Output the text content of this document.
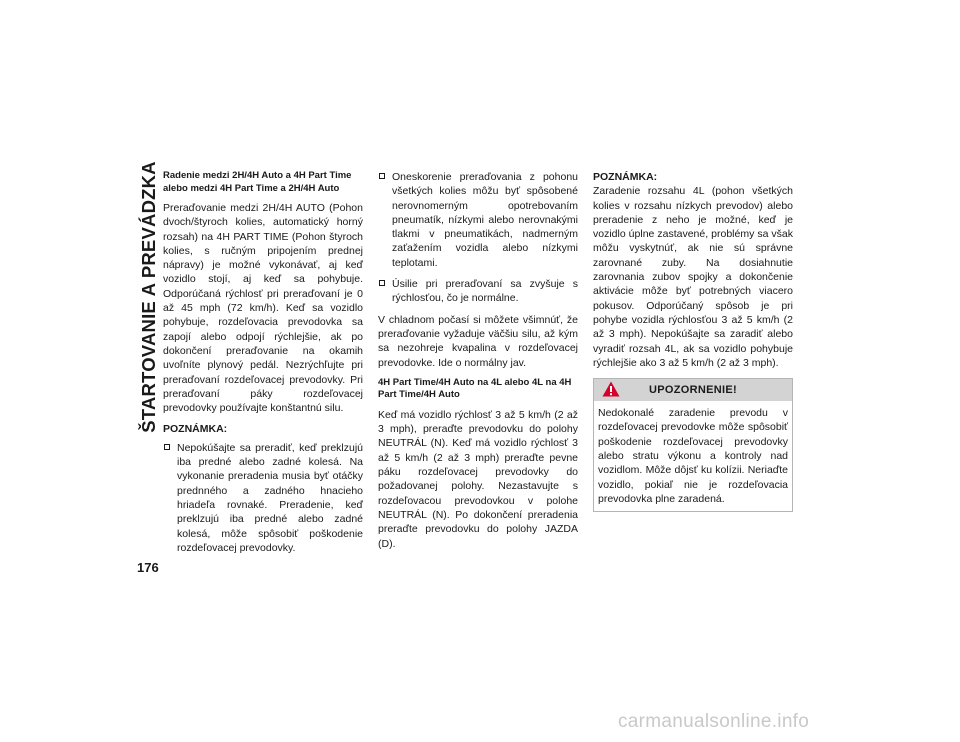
ŠTARTOVANIE A PREVÁDZKA Radenie medzi 2H/4H Auto a 4H Part Time alebo medzi 4H Part Time a 2H/4H Auto

Preraďovanie medzi 2H/4H AUTO (Pohon dvoch/štyroch kolies, automatický horný rozsah) na 4H PART TIME (Pohon štyroch kolies, s ručným pripojením prednej nápravy) je možné vykonávať, aj keď vozidlo stojí, aj keď sa pohybuje. Odporúčaná rýchlosť pri preraďovaní je 0 až 45 mph (72 km/h). Keď sa vozidlo pohybuje, rozdeľovacia prevodovka sa zapojí alebo odpojí rýchlejšie, ak po dokončení preraďovanie na okamih uvoľníte plynový pedál. Nezrýchľujte pri preraďovaní rozdeľovacej prevodovky. Pri preraďovaní páky rozdeľovacej prevodovky používajte konštantnú silu.

POZNÁMKA:

Nepokúšajte sa preradiť, keď preklzujú iba predné alebo zadné kolesá. Na vykonanie preradenia musia byť otáčky prednného a zadného hnacieho hriadeľa rovnaké. Preradenie, keď preklzujú iba predné alebo zadné kolesá, môže spôsobiť poškodenie rozdeľovacej prevodovky.
Oneskorenie preraďovania z pohonu všetkých kolies môžu byť spôsobené nerovnomerným opotrebovaním pneumatík, nízkymi alebo nerovnakými tlakmi v pneumatikách, nadmerným zaťažením vozidla alebo nízkymi teplotami.
Úsilie pri preraďovaní sa zvyšuje s rýchlosťou, čo je normálne.

V chladnom počasí si môžete všimnúť, že preraďovanie vyžaduje väčšiu silu, až kým sa nezohreje kvapalina v rozdeľovacej prevodovke. Ide o normálny jav.

4H Part Time/4H Auto na 4L alebo 4L na 4H Part Time/4H Auto

Keď má vozidlo rýchlosť 3 až 5 km/h (2 až 3 mph), preraďte prevodovku do polohy NEUTRÁL (N). Keď má vozidlo rýchlosť 3 až 5 km/h (2 až 3 mph) preraďte pevne páku rozdeľovacej prevodovky do požadovanej polohy. Nezastavujte s rozdeľovacou prevodovkou v polohe NEUTRÁL (N). Po dokončení preradenia preraďte prevodovku do polohy JAZDA (D).

POZNÁMKA:

Zaradenie rozsahu 4L (pohon všetkých kolies v rozsahu nízkych prevodov) alebo preradenie z neho je možné, keď je vozidlo úplne zastavené, problémy sa však môžu vyskytnúť, ak nie sú správne zarovnané zuby. Na dosiahnutie zarovnania zubov spojky a dokončenie aktivácie môže byť potrebných viacero pokusov. Odporúčaný spôsob je pri pohybe vozidla rýchlosťou 3 až 5 km/h (2 až 3 mph). Nepokúšajte sa zaradiť alebo vyradiť rozsah 4L, ak sa vozidlo pohybuje rýchlejšie ako 3 až 5 km/h (2 až 3 mph).

UPOZORNENIE!
Nedokonalé zaradenie prevodu v rozdeľovacej prevodovke môže spôsobiť poškodenie rozdeľovacej prevodovky alebo stratu výkonu a kontroly nad vozidlom. Môže dôjsť ku kolízii. Neriaďte vozidlo, pokiaľ nie je rozdeľovacia prevodovka plne zaradená.
176
carmanualsonline.info
